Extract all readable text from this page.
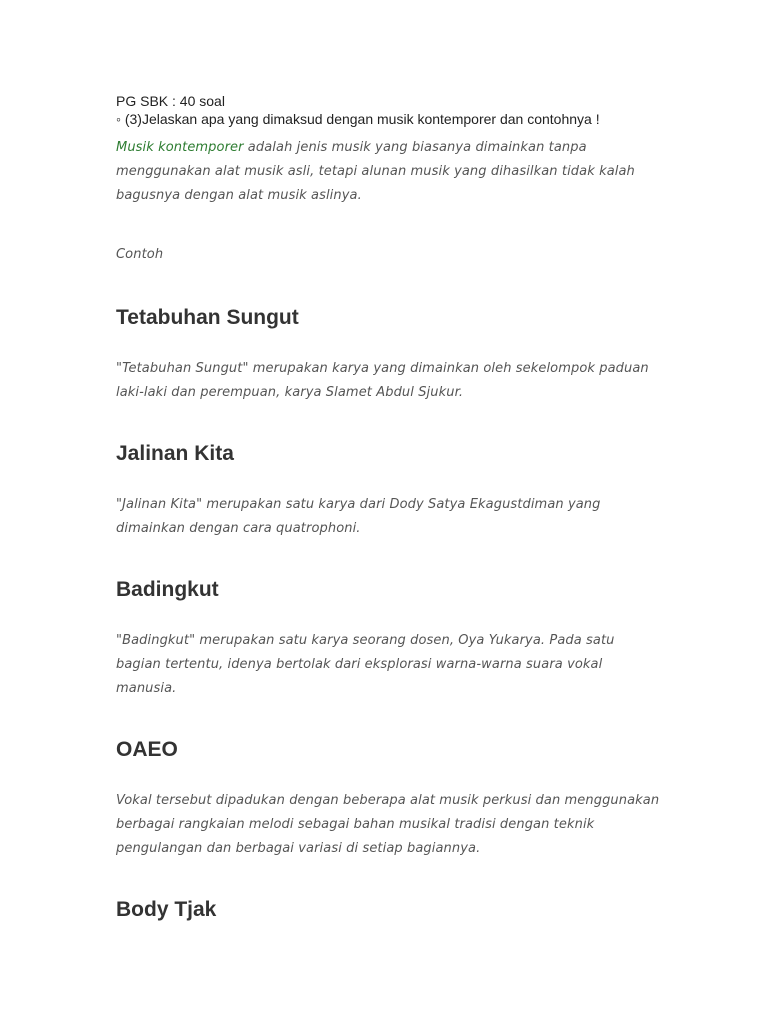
PG SBK : 40 soal
◦ (3)Jelaskan apa yang dimaksud dengan musik kontemporer dan contohnya !
Musik kontemporer adalah jenis musik yang biasanya dimainkan tanpa menggunakan alat musik asli, tetapi alunan musik yang dihasilkan tidak kalah bagusnya dengan alat musik aslinya.
Contoh
Tetabuhan Sungut
"Tetabuhan Sungut" merupakan karya yang dimainkan oleh sekelompok paduan laki-laki dan perempuan, karya Slamet Abdul Sjukur.
Jalinan Kita
"Jalinan Kita" merupakan satu karya dari Dody Satya Ekagustdiman yang dimainkan dengan cara quatrophoni.
Badingkut
"Badingkut" merupakan satu karya seorang dosen, Oya Yukarya. Pada satu bagian tertentu, idenya bertolak dari eksplorasi warna-warna suara vokal manusia.
OAEO
Vokal tersebut dipadukan dengan beberapa alat musik perkusi dan menggunakan berbagai rangkaian melodi sebagai bahan musikal tradisi dengan teknik pengulangan dan berbagai variasi di setiap bagiannya.
Body Tjak
